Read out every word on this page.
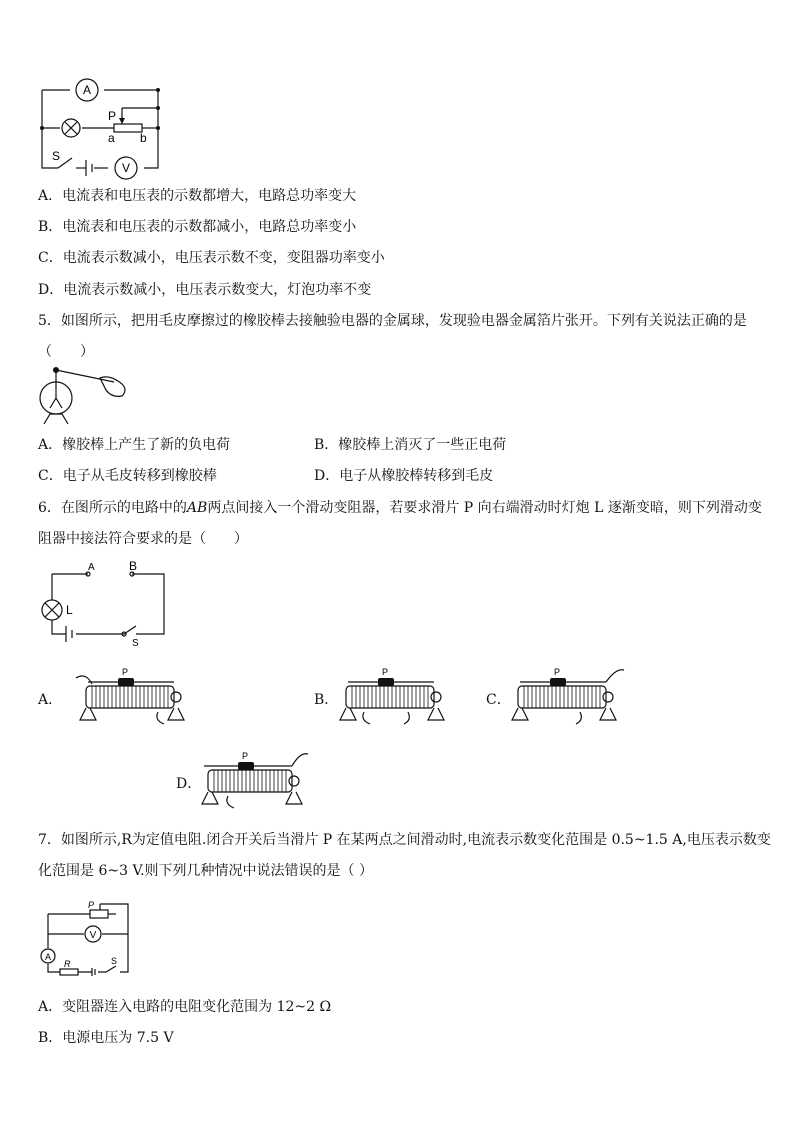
A
P
a b
V
S
A．电流表和电压表的示数都增大，电路总功率变大
B．电流表和电压表的示数都减小，电路总功率变小
C．电流表示数减小，电压表示数不变，变阻器功率变小
D．电流表示数减小，电压表示数变大，灯泡功率不变
5．如图所示，把用毛皮摩擦过的橡胶棒去接触验电器的金属球，发现验电器金属箔片张开。下列有关说法正确的是
（　　）
A．橡胶棒上产生了新的负电荷	B．橡胶棒上消灭了一些正电荷
C．电子从毛皮转移到橡胶棒	D．电子从橡胶棒转移到毛皮
6．在图所示的电路中的AB两点间接入一个滑动变阻器，若要求滑片 P 向右端滑动时灯炮 L 逐渐变暗，则下列滑动变
阻器中接法符合要求的是（　　）
A	B
L
S
A．
P
B．
P
C．
P
D．
P
7．如图所示,R为定值电阻.闭合开关后当滑片 P 在某两点之间滑动时,电流表示数变化范围是 0.5~1.5 A,电压表示数变
化范围是 6~3 V.则下列几种情况中说法错误的是（ ）
V
A
R	S
P
A．变阻器连入电路的电阻变化范围为 12~2 Ω
B．电源电压为 7.5 V
